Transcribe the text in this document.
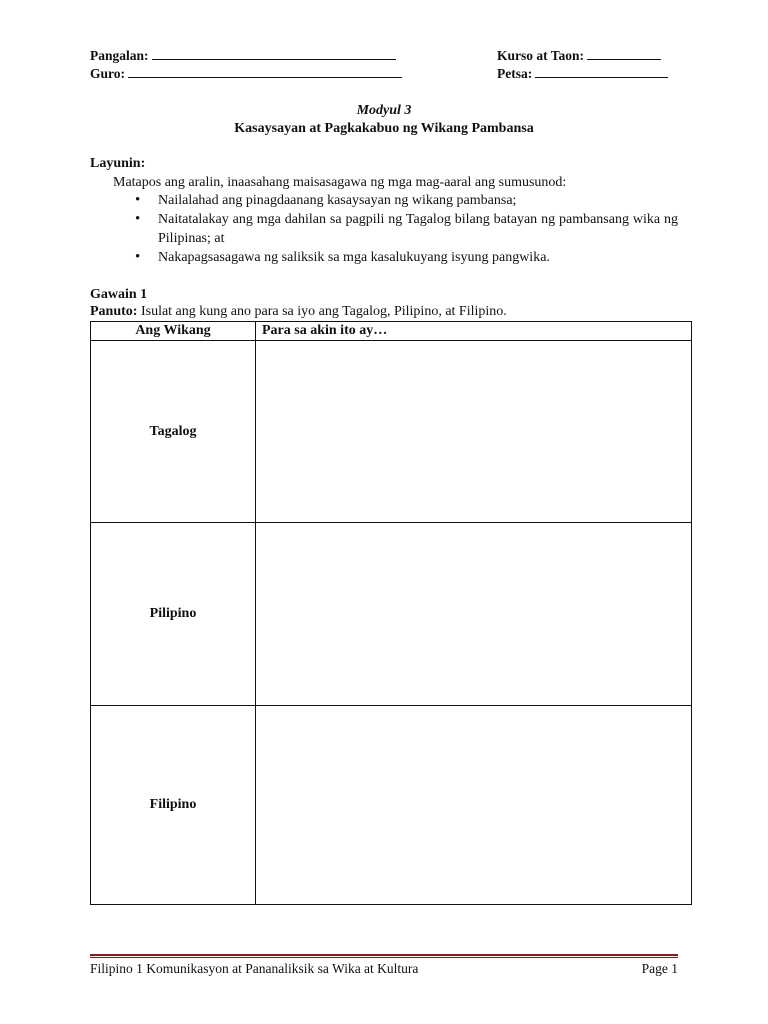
Pangalan:
Guro:
Kurso at Taon:
Petsa:
Modyul 3
Kasaysayan at Pagkakabuo ng Wikang Pambansa
Layunin:
Matapos ang aralin, inaasahang maisasagawa ng mga mag-aaral ang sumusunod:
• Nailalahad ang pinagdaanang kasaysayan ng wikang pambansa;
• Naitatalakay ang mga dahilan sa pagpili ng Tagalog bilang batayan ng pambansang wika ng Pilipinas; at
• Nakapagsasagawa ng saliksik sa mga kasalukuyang isyung pangwika.
Gawain 1
Panuto: Isulat ang kung ano para sa iyo ang Tagalog, Pilipino, at Filipino.
Ang Wikang	Para sa akin ito ay…
Tagalog	
Pilipino	
Filipino	
Filipino 1 Komunikasyon at Pananaliksik sa Wika at Kultura	Page 1
